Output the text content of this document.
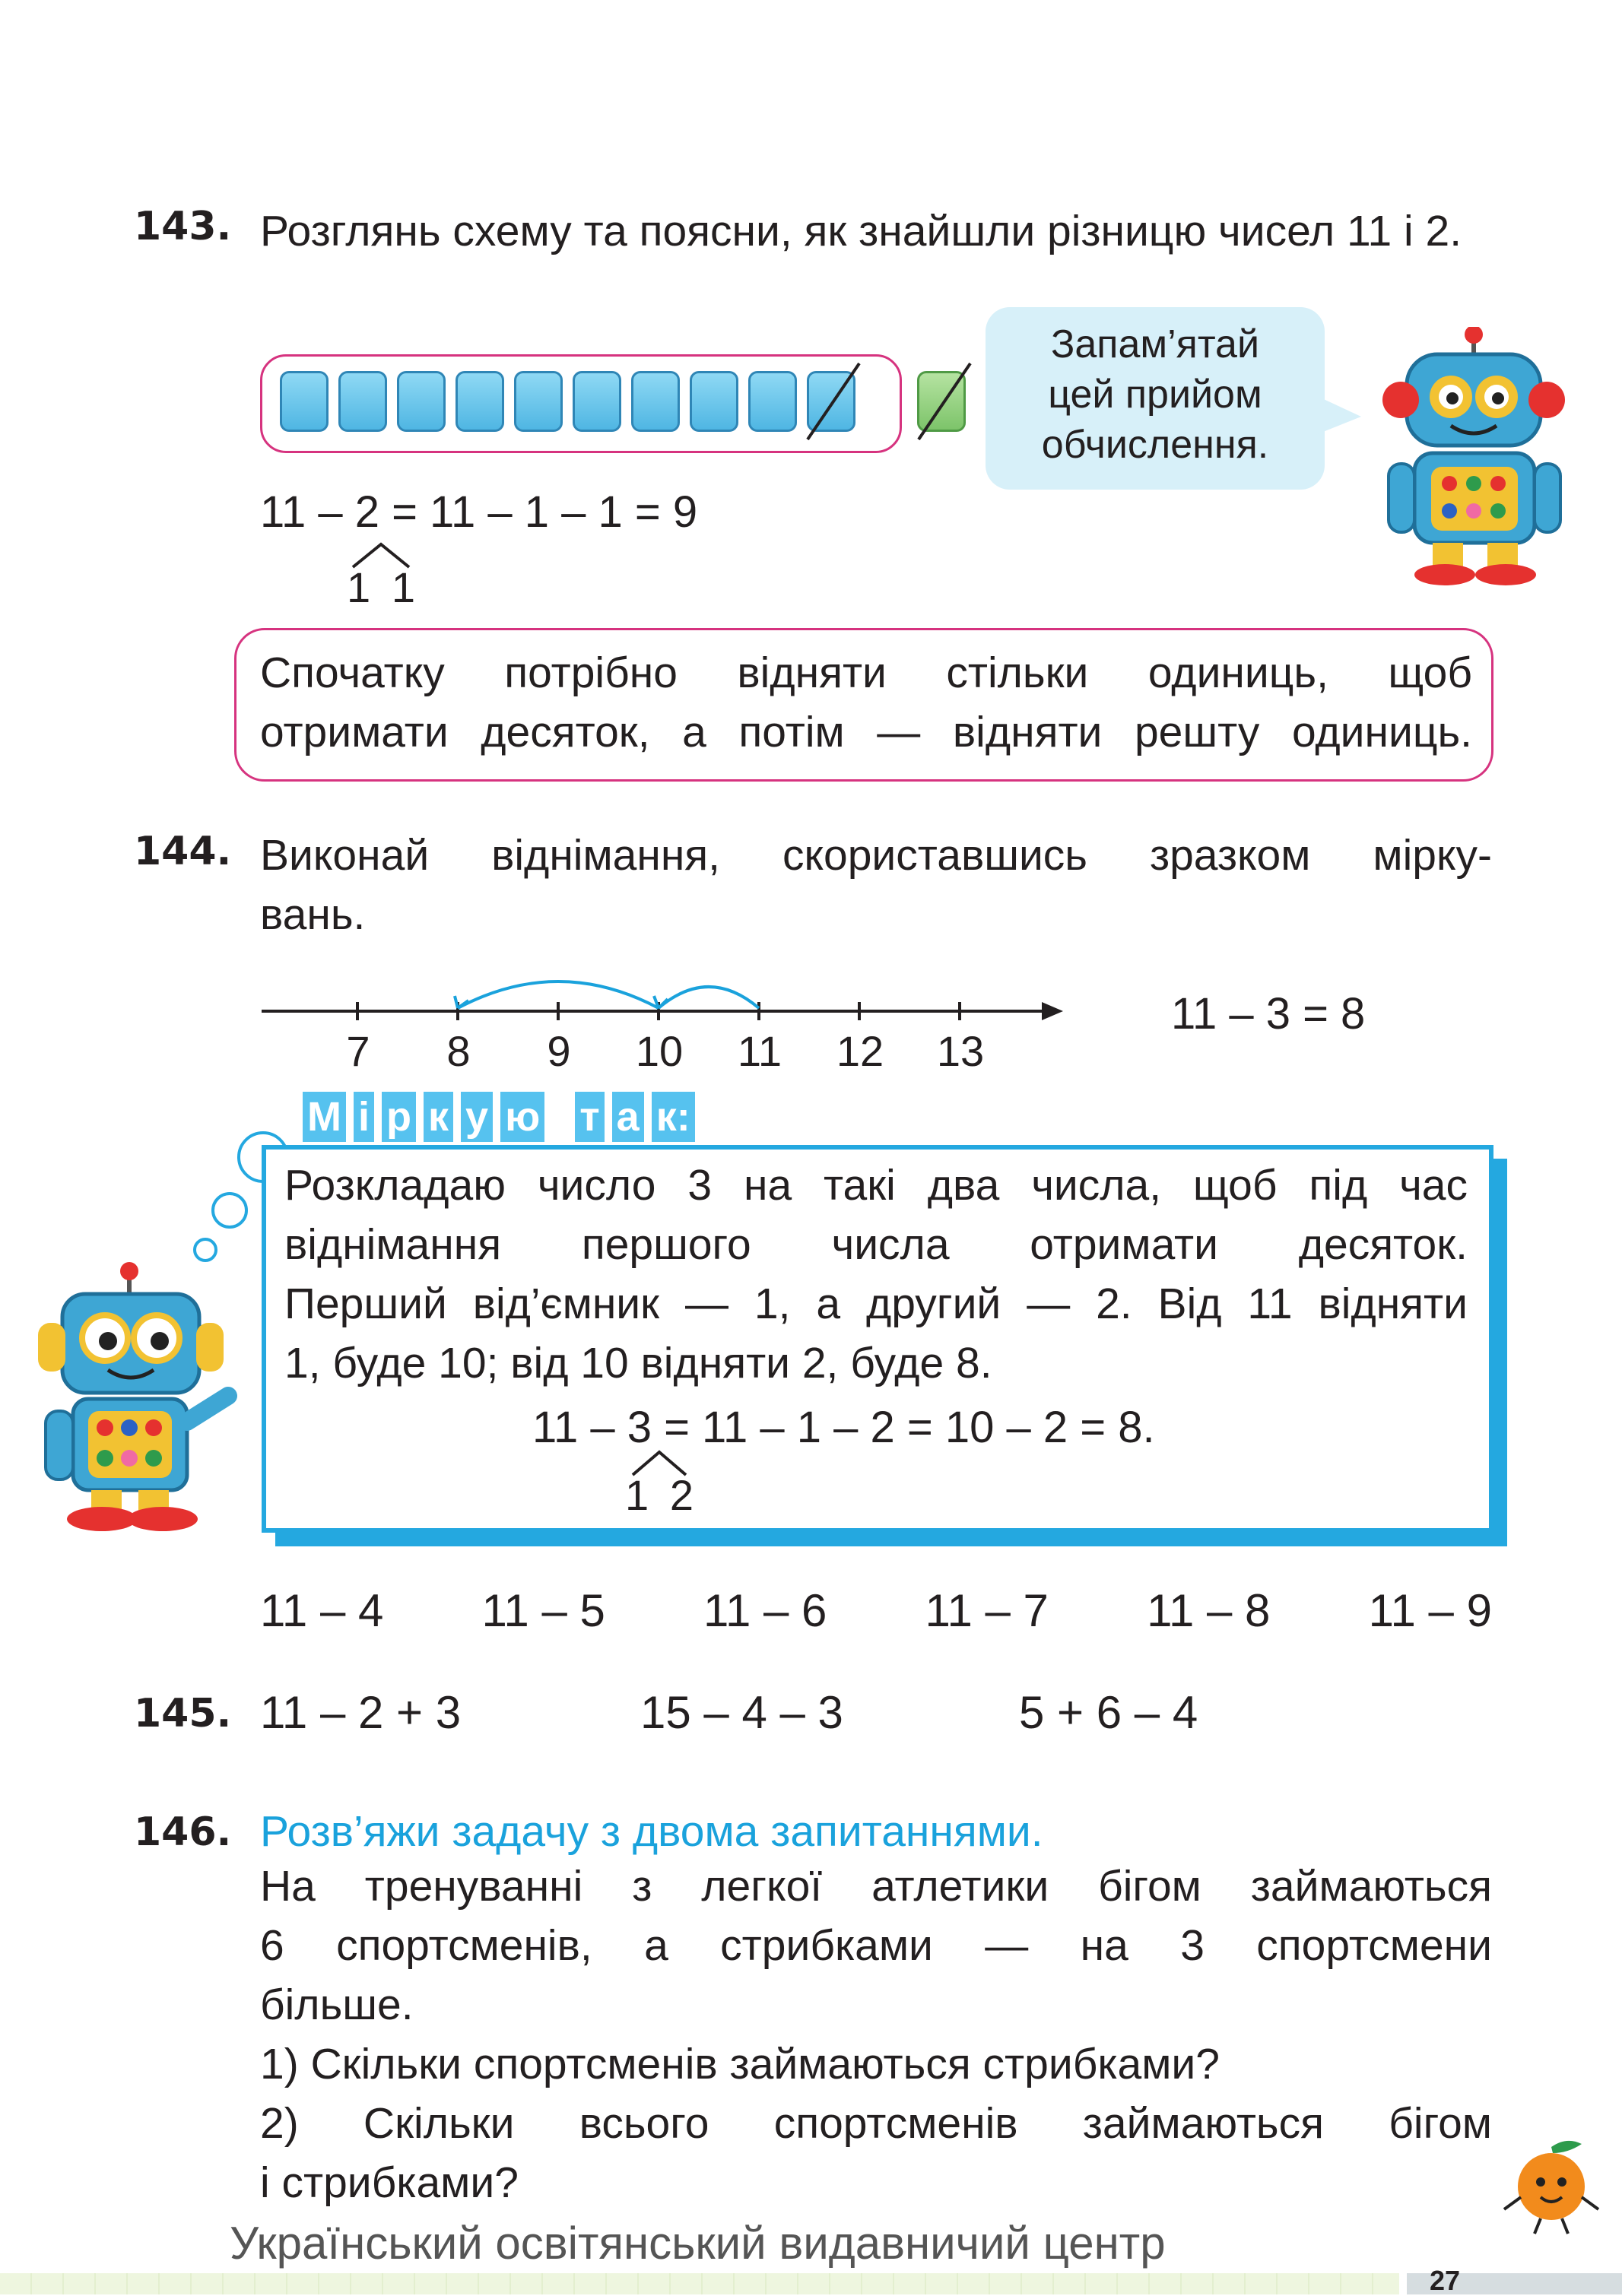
143. Розглянь схему та поясни, як знайшли різницю чисел 11 і 2.
Запам’ятай
цей прийом
обчислення.
11 – 2 = 11 – 1 – 1 = 9
1 1
Спочатку потрібно відняти стільки одиниць, щоб
отримати десяток, а потім — відняти решту одиниць.
144. Виконай віднімання, скориставшись зразком мірку-
вань.
7 8 9 10 11 12 13
11 – 3 = 8
М і р к у ю т а к:
Розкладаю число 3 на такі два числа, щоб під час
віднімання першого числа отримати десяток.
Перший від’ємник — 1, а другий — 2. Від 11 відняти
1, буде 10; від 10 відняти 2, буде 8.
11 – 3 = 11 – 1 – 2 = 10 – 2 = 8.
1 2
11 – 4 11 – 5 11 – 6 11 – 7 11 – 8 11 – 9
145. 11 – 2 + 3	15 – 4 – 3	5 + 6 – 4
146. Розв’яжи задачу з двома запитаннями.
На тренуванні з легкої атлетики бігом займаються
6 спортсменів, а стрибками — на 3 спортсмени
більше.
1) Скільки спортсменів займаються стрибками?
2) Скільки всього спортсменів займаються бігом
і стрибками?
Український освітянський видавничий центр
27
